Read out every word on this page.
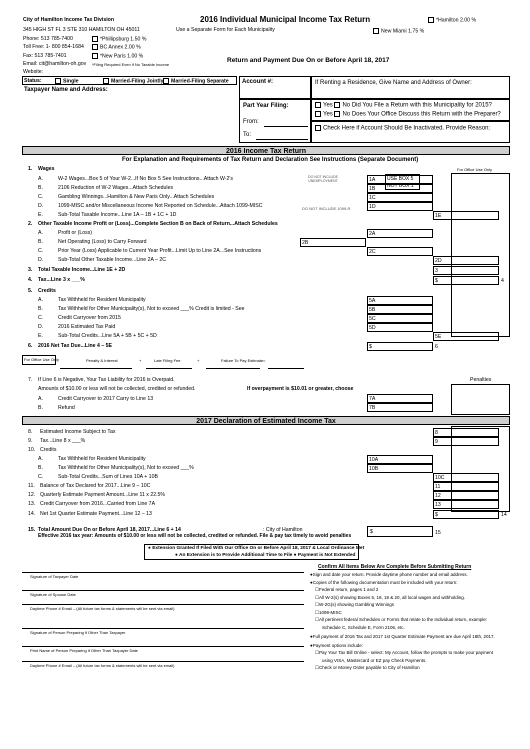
City of Hamilton Income Tax Division	2016 Individual Municipal Income Tax Return
345 HIGH ST FL 3 STE 310 HAMILTON OH 45011	Use a Separate Form for Each Municipality
Phone: 513 785-7400
Toll Free: 1- 800 854-1684
Fax: 513 785-7401
Email: cit@hamilton-oh.gov
Website:
*Phillipsburg 1.50 %
BC Annex 2.00 %
*New Paris 1.00 %
*Filing Required Even if No Taxable Income
*Hamilton 2.00 %
New Miami 1.75 %
Return and Payment Due On or Before April 18, 2017
Status:	Single	Married-Filing Jointly	Married-Filing Separate
Taxpayer Name and Address:
Account #:	If Renting a Residence, Give Name and Address of Owner:
Part Year Filing:
From:
To:
Yes No Did You File a Return with this Municipality for 2015?
Yes No Does Your Office Discuss this Return with the Preparer?
Check Here if Account Should Be Inactivated. Provide Reason:
2016 Income Tax Return
For Explanation and Requirements of Tax Return and Declaration See Instructions (Separate Document)
For Office Use Only
1. Wages
A.	W-2 Wages...Box 5 of Your W-2...If No Box 5 See Instructions...Attach W-2's	1A
B.	2106 Reduction of W-2 Wages...Attach Schedules	1B
C.	Gambling Winnings...Hamilton & New Paris Only...Attach Schedules	1C
D.	1099-MISC and/or Miscellaneous Income Not Reported on Schedule...Attach 1099-MISC	1D
E.	Sub-Total Taxable Income...Line 1A – 1B + 1C + 1D	1E
2. Other Taxable Income Profit or (Loss)...Complete Section B on Back of Return...Attach Schedules
A.	Profit or (Loss)	2A
B.	Net Operating (Loss) to Carry Forward	2B
C.	Prior Year (Loss) Applicable to Current Year Profit...Limit Up to Line 2A...See Instructions	2C
D.	Sub-Total Other Taxable Income...Line 2A – 2C	2D
3. Total Taxable Income...Line 1E + 2D	3
4. Tax...Line 3 x ___%	$	4
5. Credits
A.	Tax Withheld for Resident Municipality	5A
B.	Tax Withheld for Other Municipality(s), Not to exceed ___% Credit is limited - See	5B
C.	Credit Carryover from 2015	5C
D.	2016 Estimated Tax Paid	5D
E.	Sub-Total Credits...Line 5A + 5B + 5C + 5D	5E
6. 2016 Net Tax Due...Line 4 – 5E	$	6
USE BOX 5
NOT BOX 1
DO NOT INCLUDE UNEMPLOYMENT
DO NOT INCLUDE 1099-R
For Office Use Only	Penalty & Interest	+	Late Filing Fee	+	Failure To Pay Estimate =
7. If Line 6 is Negative, Your Tax Liability for 2016 is Overpaid.
Amounts of $10.00 or less will not be collected, credited or refunded.	If overpayment is $10.01 or greater, choose
Penalties
A.	Credit Carryover to 2017 Carry to Line 13
B.	Refund
7A
7B
2017 Declaration of Estimated Income Tax
8. Estimated Income Subject to Tax	8
9. Tax...Line 8 x ___%	9
10. Credits
A.	Tax Withheld for Resident Municipality	10A
B.	Tax Withheld for Other Municipality(s), Not to exceed ___%	10B
C.	Sub-Total Credits...Sum of Lines 10A + 10B	10C
11. Balance of Tax Declared for 2017...Line 9 – 10C	11
12. Quarterly Estimate Payment Amount...Line 11 x 22.5%	12
13. Credit Carryover from 2016...Carried from Line 7A	13
14. Net 1st Quarter Estimate Payment...Line 12 – 13	$	14
15. Total Amount Due On or Before April 18, 2017...Line 6 + 14	: City of Hamilton
Effective 2016 tax year: Amounts of $10.00 or less will not be collected, credited or refunded. File & pay tax timely to avoid penalties
$	15
● Extension Granted If Filed With Our Office On or Before April 18, 2017 & Local Ordinance Met
● An Extension is to Provide Additional Time to File ● Payment is Not Extended
Signature of Taxpayer Date
Signature of Spouse Date
Daytime Phone # Email – (All future tax forms & statements will be sent via email)
Signature of Person Preparing if Other Than Taxpayer
Print Name of Person Preparing if Other Than Taxpayer Date
Daytime Phone # Email – (All future tax forms & statements will be sent via email)
Confirm All Items Below Are Complete Before Submitting Return
●Sign and date your return. Provide daytime phone number and email address.
●Copies of the following documentation must be included with your return:
☐Federal return, pages 1 and 2
☐All W-2(s) showing Boxes 5, 18, 19 & 20, all local wages and withholding.
☐W-2G(s) showing Gambling Winnings
☐1099-MISC
☐All pertinent federal Schedules or Forms that relate to the Individual return, example:
Schedule C, Schedule E, Form 2106, etc.
●Full payment of 2016 Tax and 2017 1st Quarter Estimate Payment are due April 18th, 2017.
●Payment options include:
☐Pay Your Tax Bill Online - select: My Account, follow the prompts to make your payment
using VISA, Mastercard or EZ pay Check Payments.
☐Check or Money Order payable to City of Hamilton
